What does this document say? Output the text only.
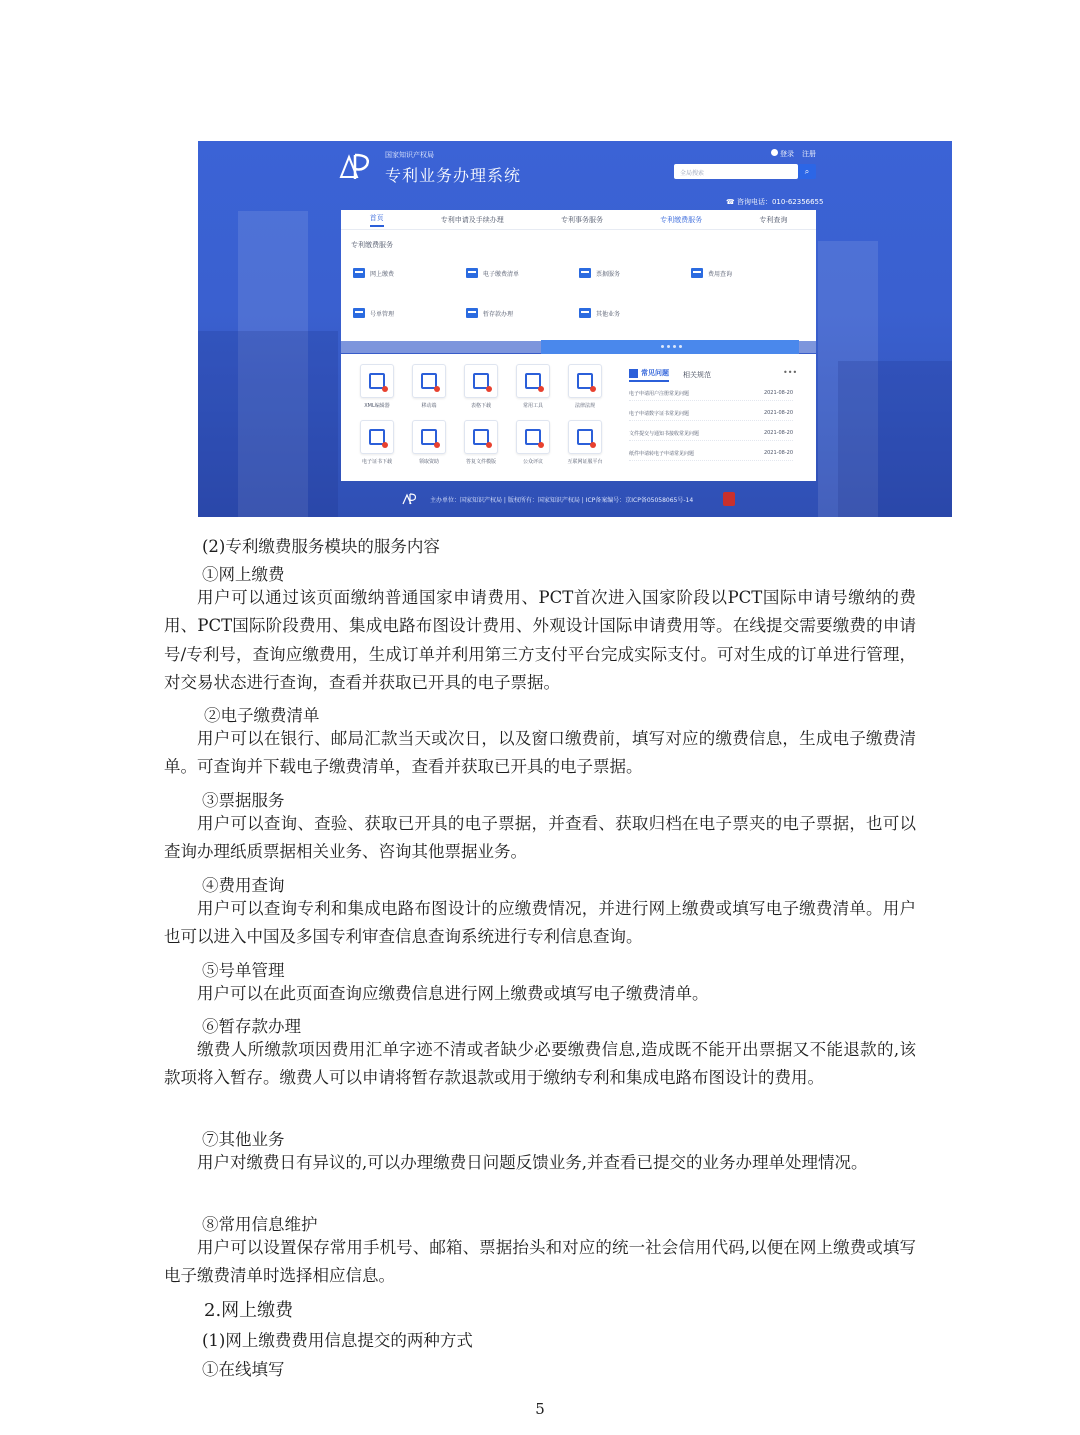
国家知识产权局
专利业务办理系统
登录 注册
全局搜索	⌕
☎ 咨询电话：010-62356655
首页	专利申请及手续办理	专利事务服务	专利缴费服务	专利查询
专利缴费服务
网上缴费	电子缴费清单	票据服务	费用查询
号单管理	暂存款办理	其他业务
XML编辑器	移动端	表格下载	常用工具	法律法规
电子证书下载	领取资助	答复文件模版	公众评议	互联网证服平台
常见问题 相关规范	•••
电子申请用户注册常见问题	2021-08-20
电子申请数字证书常见问题	2021-08-20
文件提交与通知书接收常见问题	2021-08-20
纸件申请转电子申请常见问题	2021-08-20
主办单位：国家知识产权局 | 版权所有：国家知识产权局 | ICP备案编号：京ICP备05058065号-14
(2)专利缴费服务模块的服务内容
①网上缴费
用户可以通过该页面缴纳普通国家申请费用、PCT首次进入国家阶段以PCT国际申请号缴纳的费用、PCT国际阶段费用、集成电路布图设计费用、外观设计国际申请费用等。在线提交需要缴费的申请号/专利号，查询应缴费用，生成订单并利用第三方支付平台完成实际支付。可对生成的订单进行管理，对交易状态进行查询，查看并获取已开具的电子票据。
②电子缴费清单
用户可以在银行、邮局汇款当天或次日，以及窗口缴费前，填写对应的缴费信息，生成电子缴费清单。可查询并下载电子缴费清单，查看并获取已开具的电子票据。
③票据服务
用户可以查询、查验、获取已开具的电子票据，并查看、获取归档在电子票夹的电子票据，也可以查询办理纸质票据相关业务、咨询其他票据业务。
④费用查询
用户可以查询专利和集成电路布图设计的应缴费情况，并进行网上缴费或填写电子缴费清单。用户也可以进入中国及多国专利审查信息查询系统进行专利信息查询。
⑤号单管理
用户可以在此页面查询应缴费信息进行网上缴费或填写电子缴费清单。
⑥暂存款办理
缴费人所缴款项因费用汇单字迹不清或者缺少必要缴费信息,造成既不能开出票据又不能退款的,该款项将入暂存。缴费人可以申请将暂存款退款或用于缴纳专利和集成电路布图设计的费用。
⑦其他业务
用户对缴费日有异议的,可以办理缴费日问题反馈业务,并查看已提交的业务办理单处理情况。
⑧常用信息维护
用户可以设置保存常用手机号、邮箱、票据抬头和对应的统一社会信用代码,以便在网上缴费或填写电子缴费清单时选择相应信息。
2.网上缴费
(1)网上缴费费用信息提交的两种方式
①在线填写
5
